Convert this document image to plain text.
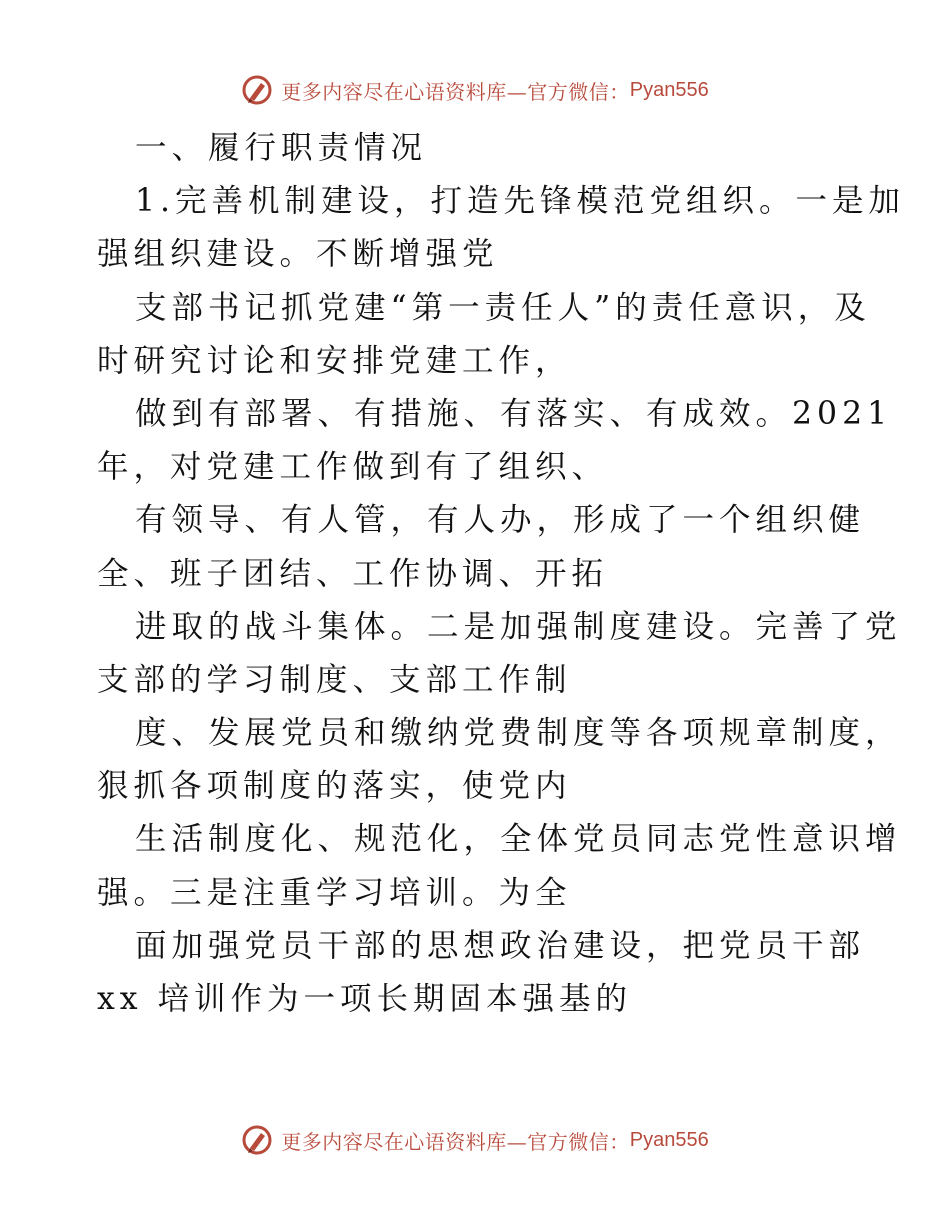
更多内容尽在心语资料库—官方微信： Pyan556
一、履行职责情况
1.完善机制建设，打造先锋模范党组织。一是加
强组织建设。不断增强党
支部书记抓党建“第一责任人”的责任意识，及
时研究讨论和安排党建工作，
做到有部署、有措施、有落实、有成效。2021
年，对党建工作做到有了组织、
有领导、有人管，有人办，形成了一个组织健
全、班子团结、工作协调、开拓
进取的战斗集体。二是加强制度建设。完善了党
支部的学习制度、支部工作制
度、发展党员和缴纳党费制度等各项规章制度，
狠抓各项制度的落实，使党内
生活制度化、规范化，全体党员同志党性意识增
强。三是注重学习培训。为全
面加强党员干部的思想政治建设，把党员干部
xx 培训作为一项长期固本强基的
更多内容尽在心语资料库—官方微信： Pyan556
